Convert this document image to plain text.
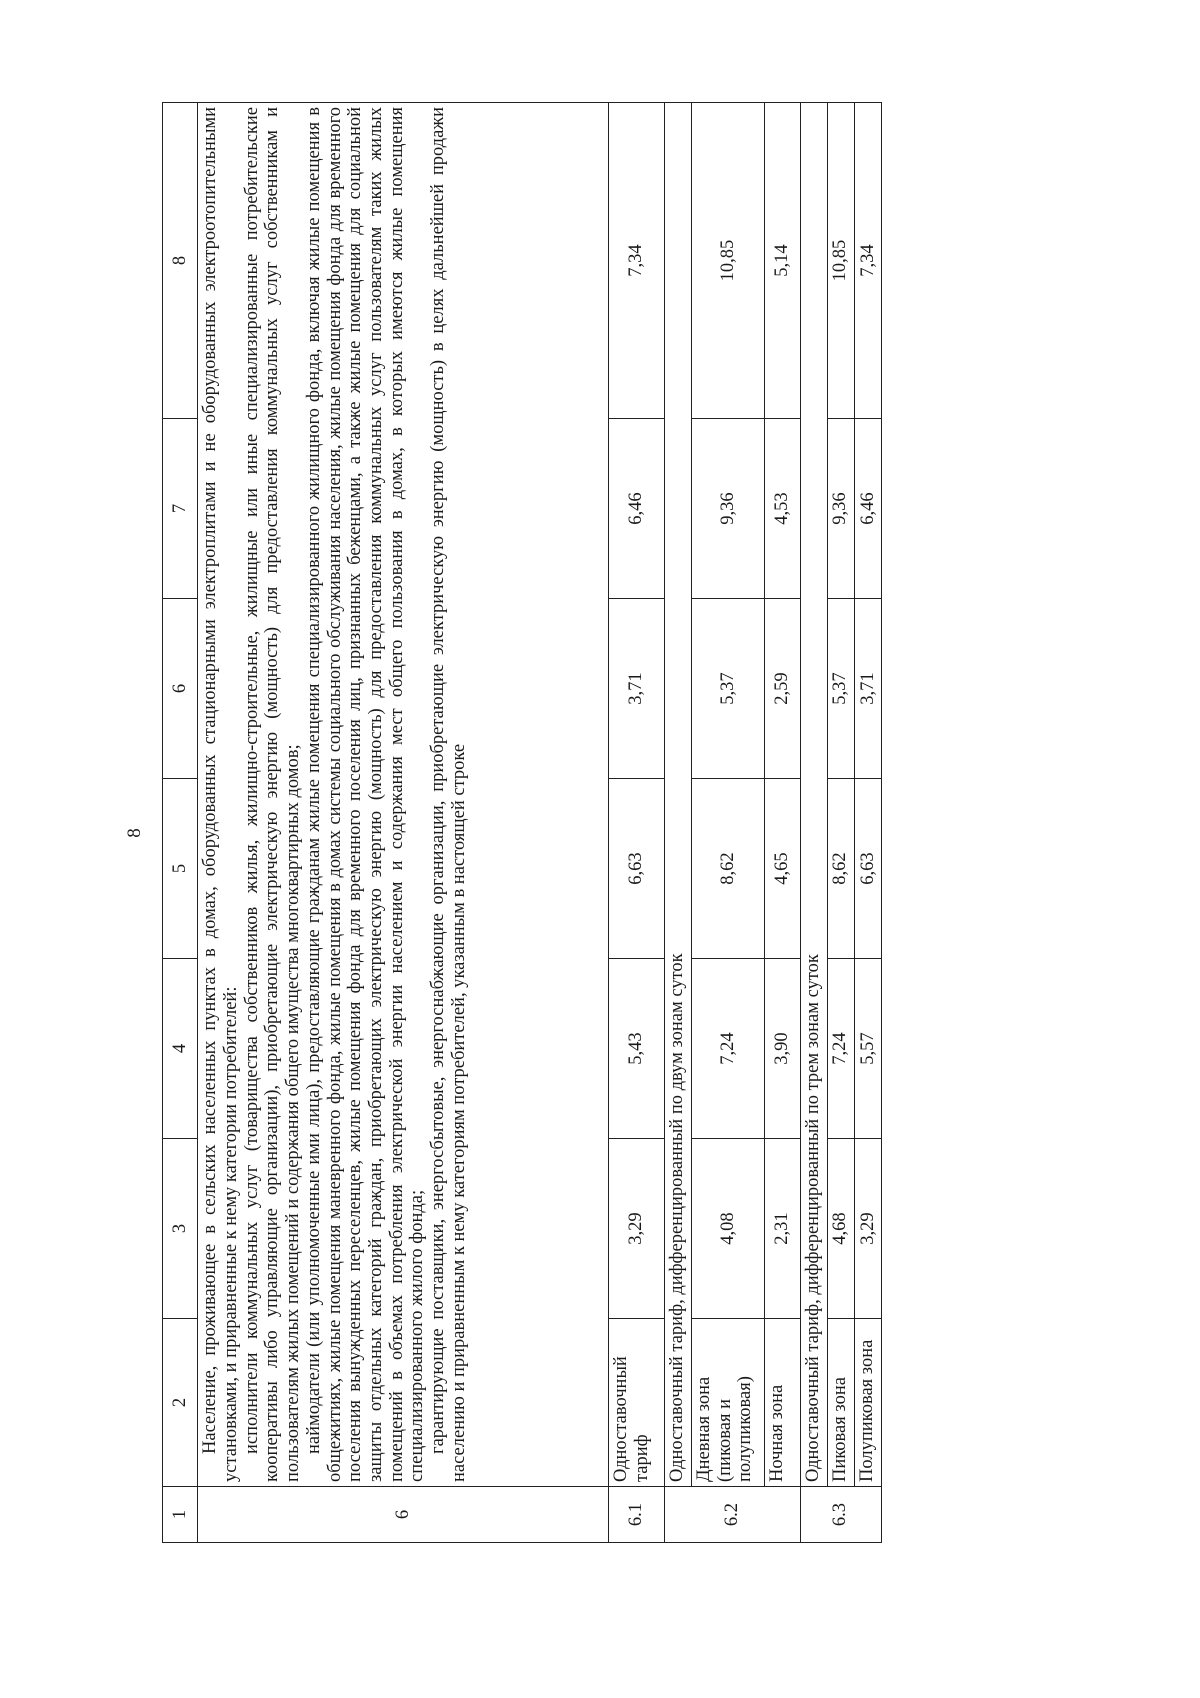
8
1	2	3	4	5	6	7	8
6	Население, проживающее в сельских населенных пунктах в домах, оборудованных стационарными электроплитами и не оборудованных электроотопительными установками, и приравненные к нему категории потребителей: исполнители коммунальных услуг (товарищества собственников жилья, жилищно-строительные, жилищные или иные специализированные потребительские кооперативы либо управляющие организации), приобретающие электрическую энергию (мощность) для предоставления коммунальных услуг собственникам и пользователям жилых помещений и содержания общего имущества многоквартирных домов; наймодатели (или уполномоченные ими лица), предоставляющие гражданам жилые помещения специализированного жилищного фонда, включая жилые помещения в общежитиях, жилые помещения маневренного фонда, жилые помещения в домах системы социального обслуживания населения, жилые помещения фонда для временного поселения вынужденных переселенцев, жилые помещения фонда для временного поселения лиц, признанных беженцами, а также жилые помещения для социальной защиты отдельных категорий граждан, приобретающих электрическую энергию (мощность) для предоставления коммунальных услуг пользователям таких жилых помещений в объемах потребления электрической энергии населением и содержания мест общего пользования в домах, в которых имеются жилые помещения специализированного жилого фонда; гарантирующие поставщики, энергосбытовые, энергоснабжающие организации, приобретающие электрическую энергию (мощность) в целях дальнейшей продажи населению и приравненным к нему категориям потребителей, указанным в настоящей строке						

6.1	Одноставочный тариф	3,29	5,43	6,63	3,71	6,46	7,34
6.2	Одноставочный тариф, дифференцированный по двум зонам суток						
	Дневная зона (пиковая и полупиковая)	4,08	7,24	8,62	5,37	9,36	10,85
	Ночная зона	2,31	3,90	4,65	2,59	4,53	5,14
6.3	Одноставочный тариф, дифференцированный по трем зонам суток						
	Пиковая зона	4,68	7,24	8,62	5,37	9,36	10,85
	Полупиковая зона	3,29	5,57	6,63	3,71	6,46	7,34
